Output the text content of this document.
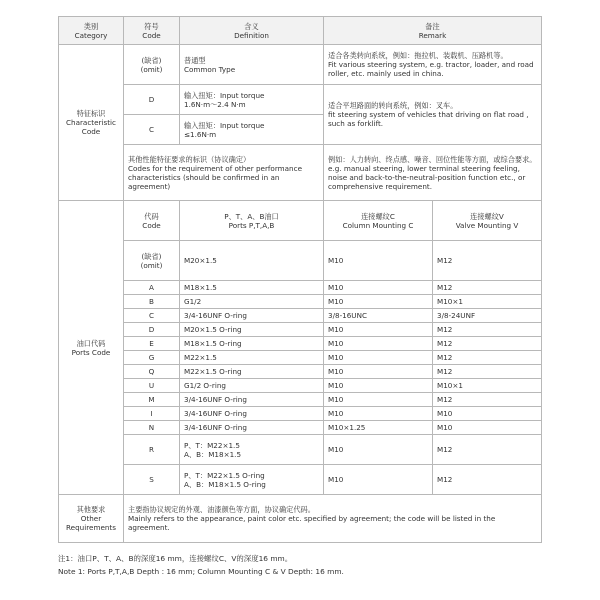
类别
Category	符号
Code	含义
Definition	备注
Remark	

特征标识
Characteristic
Code	(缺省)
(omit)	普通型
Common Type	适合各类转向系统，例如：拖拉机、装载机、压路机等。
Fit various steering system, e.g. tractor, loader, and road roller, etc. mainly used in china.	

	D	输入扭矩：Input torque
1.6N·m～2.4 N·m	适合平坦路面的转向系统，例如：叉车。
fit steering system of vehicles that driving on flat road , such as forklift.	

	C	输入扭矩：Input torque
≤1.6N·m		

	其他性能特征要求的标识（协议确定）
Codes for the requirement of other performance characteristics (should be confirmed in an agreement)		例如：人力转向、终点感、噪音、回位性能等方面，或综合要求。
e.g. manual steering, lower terminal steering feeling, noise and back-to-the-neutral-position function etc., or comprehensive requirement.	

油口代码
Ports Code	代码
Code	P、T、A、B油口
Ports P,T,A,B	连接螺纹C
Column Mounting C	连接螺纹V
Valve Mounting V

	(缺省)
(omit)	M20×1.5	M10	M12
	A	M18×1.5	M10	M12
	B	G1/2	M10	M10×1
	C	3/4-16UNF O-ring	3/8-16UNC	3/8-24UNF
	D	M20×1.5 O-ring	M10	M12
	E	M18×1.5 O-ring	M10	M12
	G	M22×1.5	M10	M12
	Q	M22×1.5 O-ring	M10	M12
	U	G1/2 O-ring	M10	M10×1
	M	3/4-16UNF O-ring	M10	M12
	I	3/4-16UNF O-ring	M10	M10
	N	3/4-16UNF O-ring	M10×1.25	M10
	R	P、T：M22×1.5
A、B：M18×1.5	M10	M12
	S	P、T：M22×1.5 O-ring
A、B：M18×1.5 O-ring	M10	M12

其他要求
Other
Requirements	主要指协议规定的外观、油漆颜色等方面，协议确定代码。
Mainly refers to the appearance, paint color etc. specified by agreement; the code will be listed in the agreement.			
注1：油口P、T、A、B的深度16 mm，连接螺纹C、V的深度16 mm。
Note 1: Ports P,T,A,B Depth : 16 mm; Column Mounting C & V Depth: 16 mm.
